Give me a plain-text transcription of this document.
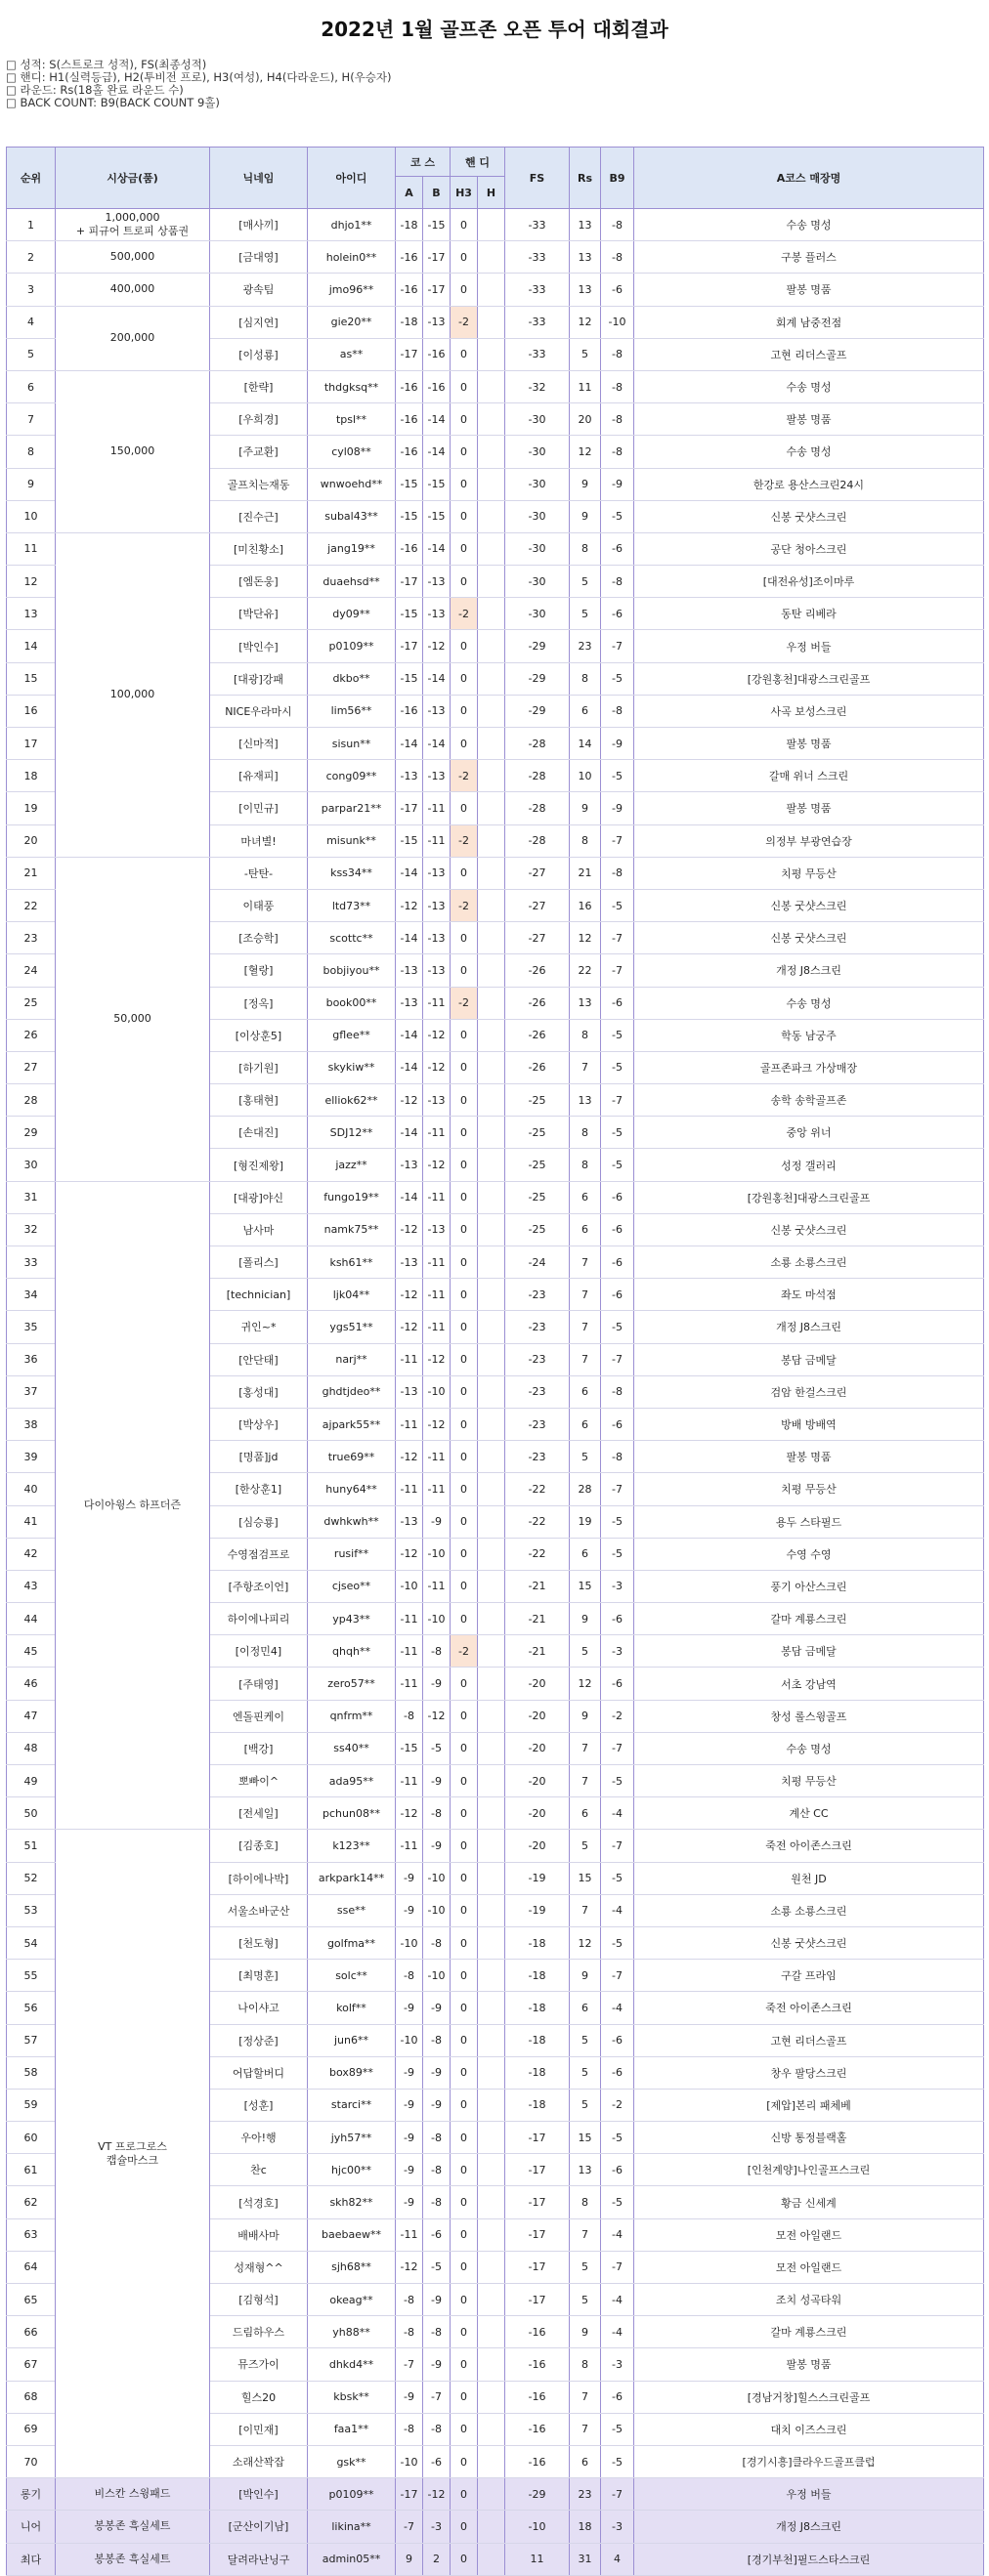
2022년 1월 골프존 오픈 투어 대회결과
□ 성적: S(스트로크 성적), FS(최종성적)
□ 핸디: H1(실력등급), H2(투비전 프로), H3(여성), H4(다라운드), H(우승자)
□ 라운드: Rs(18홀 완료 라운드 수)
□ BACK COUNT: B9(BACK COUNT 9홀)
순위	시상금(품)	닉네임	아이디	코 스		핸 디		FS	Rs	B9	A코스 매장명
				A	B	H3	H				
1	1,000,000
+ 피규어 트로피 상품권	[매사끼]	dhjo1**	-18	-15	0		-33	13	-8	수송 명성
2	500,000	[금대영]	holein0**	-16	-17	0		-33	13	-8	구봉 플러스
3	400,000	광속팀	jmo96**	-16	-17	0		-33	13	-6	팔봉 명품
4	200,000	[심지연]	gie20**	-18	-13	-2		-33	12	-10	회계 남중전점
5		[이성룡]	as**	-17	-16	0		-33	5	-8	고현 리더스골프
6	150,000	[한략]	thdgksq**	-16	-16	0		-32	11	-8	수송 명성
7		[우희경]	tpsl**	-16	-14	0		-30	20	-8	팔봉 명품
8		[주교환]	cyl08**	-16	-14	0		-30	12	-8	수송 명성
9		골프치는재동	wnwoehd**	-15	-15	0		-30	9	-9	한강로 용산스크린24시
10		[진수근]	subal43**	-15	-15	0		-30	9	-5	신봉 굿샷스크린
11	100,000	[미친황소]	jang19**	-16	-14	0		-30	8	-6	공단 청아스크린
12		[엠돈웅]	duaehsd**	-17	-13	0		-30	5	-8	[대전유성]조이마루
13		[박단유]	dy09**	-15	-13	-2		-30	5	-6	동탄 리베라
14		[박인수]	p0109**	-17	-12	0		-29	23	-7	우정 버들
15		[대광]강패	dkbo**	-15	-14	0		-29	8	-5	[강원홍천]대광스크린골프
16		NICE우라마시	lim56**	-16	-13	0		-29	6	-8	사곡 보성스크린
17		[신마적]	sisun**	-14	-14	0		-28	14	-9	팔봉 명품
18		[유재피]	cong09**	-13	-13	-2		-28	10	-5	갈매 위너 스크린
19		[이민규]	parpar21**	-17	-11	0		-28	9	-9	팔봉 명품
20		마녀별!	misunk**	-15	-11	-2		-28	8	-7	의정부 부광연습장
21	50,000	-탄탄-	kss34**	-14	-13	0		-27	21	-8	치평 무등산
22		이태풍	ltd73**	-12	-13	-2		-27	16	-5	신봉 굿샷스크린
23		[조승학]	scottc**	-14	-13	0		-27	12	-7	신봉 굿샷스크린
24		[혈랑]	bobjiyou**	-13	-13	0		-26	22	-7	개정 J8스크린
25		[정옥]	book00**	-13	-11	-2		-26	13	-6	수송 명성
26		[이상훈5]	gflee**	-14	-12	0		-26	8	-5	학동 남궁주
27		[하기원]	skykiw**	-14	-12	0		-26	7	-5	골프존파크 가상매장
28		[홍태현]	elliok62**	-12	-13	0		-25	13	-7	송학 송학골프존
29		[손대진]	SDJ12**	-14	-11	0		-25	8	-5	중앙 위너
30		[형진제왕]	jazz**	-13	-12	0		-25	8	-5	성정 갤러리
31	다이아윙스 하프더즌	[대광]야신	fungo19**	-14	-11	0		-25	6	-6	[강원홍천]대광스크린골프
32		남사마	namk75**	-12	-13	0		-25	6	-6	신봉 굿샷스크린
33		[폴리스]	ksh61**	-13	-11	0		-24	7	-6	소룡 소룡스크린
34		[technician]	ljk04**	-12	-11	0		-23	7	-6	좌도 마석점
35		귀인~*	ygs51**	-12	-11	0		-23	7	-5	개정 J8스크린
36		[안단태]	narj**	-11	-12	0		-23	7	-7	봉담 금메달
37		[홍성대]	ghdtjdeo**	-13	-10	0		-23	6	-8	검암 한걸스크린
38		[박상우]	ajpark55**	-11	-12	0		-23	6	-6	방배 방배역
39		[명품]jd	true69**	-12	-11	0		-23	5	-8	팔봉 명품
40		[한상훈1]	huny64**	-11	-11	0		-22	28	-7	치평 무등산
41		[심승룡]	dwhkwh**	-13	-9	0		-22	19	-5	용두 스타필드
42		수영점검프로	rusif**	-12	-10	0		-22	6	-5	수영 수영
43		[주항조이언]	cjseo**	-10	-11	0		-21	15	-3	풍기 아산스크린
44		하이에나피리	yp43**	-11	-10	0		-21	9	-6	갈마 계룡스크린
45		[이정민4]	qhqh**	-11	-8	-2		-21	5	-3	봉담 금메달
46		[주태영]	zero57**	-11	-9	0		-20	12	-6	서초 강남역
47		엔돌핀케이	qnfrm**	-8	-12	0		-20	9	-2	창성 롤스윙골프
48		[백강]	ss40**	-15	-5	0		-20	7	-7	수송 명성
49		뽀빠이^	ada95**	-11	-9	0		-20	7	-5	치평 무등산
50		[전세일]	pchun08**	-12	-8	0		-20	6	-4	계산 CC
51	VT 프로그로스
캡슐마스크	[김종호]	k123**	-11	-9	0		-20	5	-7	죽전 아이존스크린
52		[하이에나박]	arkpark14**	-9	-10	0		-19	15	-5	원천 JD
53		서울소바군산	sse**	-9	-10	0		-19	7	-4	소룡 소룡스크린
54		[천도형]	golfma**	-10	-8	0		-18	12	-5	신봉 굿샷스크린
55		[최명훈]	solc**	-8	-10	0		-18	9	-7	구갈 프라임
56		나이샤고	kolf**	-9	-9	0		-18	6	-4	죽전 아이존스크린
57		[정상준]	jun6**	-10	-8	0		-18	5	-6	고현 리더스골프
58		어답할버디	box89**	-9	-9	0		-18	5	-6	창우 팔당스크린
59		[성훈]	starci**	-9	-9	0		-18	5	-2	[제압]본리 패체베
60		우아!행	jyh57**	-9	-8	0		-17	15	-5	신방 통정블랙홀
61		찬c	hjc00**	-9	-8	0		-17	13	-6	[인천계양]나인골프스크린
62		[석경호]	skh82**	-9	-8	0		-17	8	-5	황금 신세계
63		배배사마	baebaew**	-11	-6	0		-17	7	-4	모전 아일랜드
64		성재형^^	sjh68**	-12	-5	0		-17	5	-7	모전 아일랜드
65		[김형석]	okeag**	-8	-9	0		-17	5	-4	조치 성곡타워
66		드림하우스	yh88**	-8	-8	0		-16	9	-4	갈마 계룡스크린
67		뮤즈가이	dhkd4**	-7	-9	0		-16	8	-3	팔봉 명품
68		힐스20	kbsk**	-9	-7	0		-16	7	-6	[경남거창]힐스스크린골프
69		[이민재]	faa1**	-8	-8	0		-16	7	-5	대치 이즈스크린
70		소래산꽉잡	gsk**	-10	-6	0		-16	6	-5	[경기시흥]클라우드골프클럽
롱기	비스칸 스윙패드	[박인수]	p0109**	-17	-12	0		-29	23	-7	우정 버들
니어	봉봉존 흑실세트	[군산이기남]	likina**	-7	-3	0		-10	18	-3	개정 J8스크린
최다	봉봉존 흑실세트	달려라난닝구	admin05**	9	2	0		11	31	4	[경기부천]필드스타스크린
